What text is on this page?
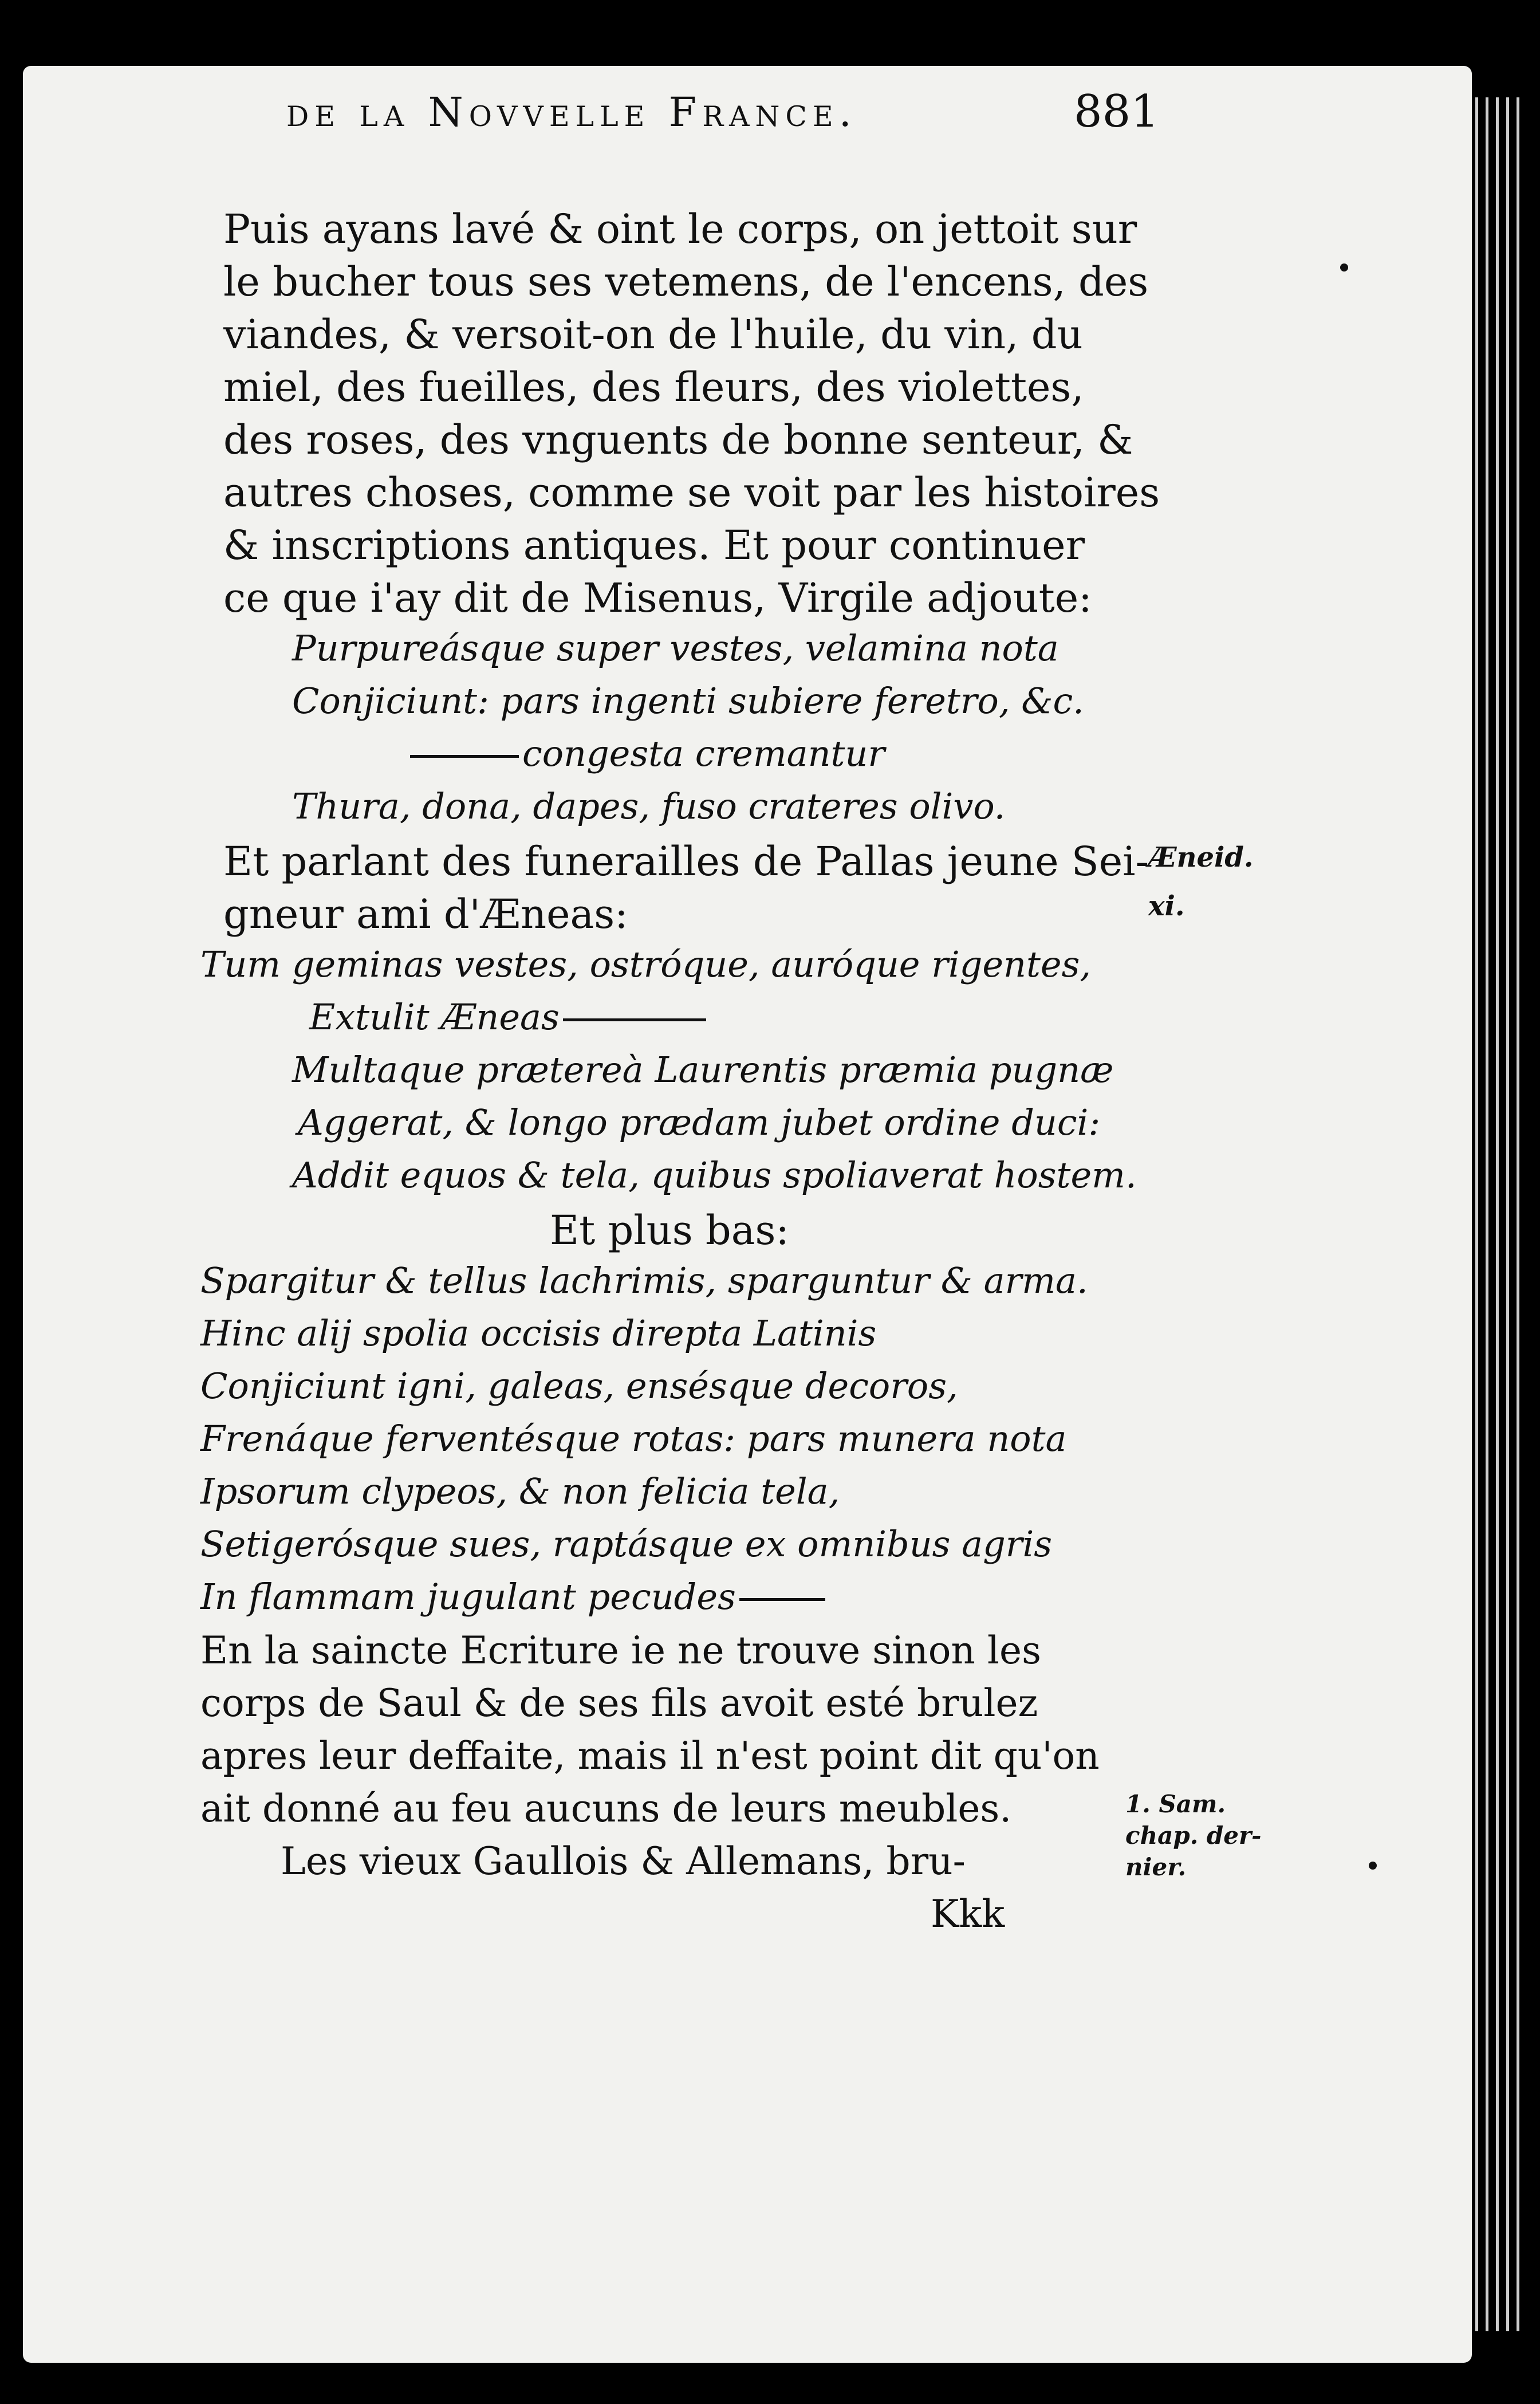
de la Novvelle France.	881
Puis ayans lavé & oint le corps, on jettoit sur
le bucher tous ses vetemens, de l'encens, des
viandes, & versoit-on de l'huile, du vin, du
miel, des fueilles, des fleurs, des violettes,
des roses, des vnguents de bonne senteur, &
autres choses, comme se voit par les histoires
& inscriptions antiques. Et pour continuer
ce que i'ay dit de Misenus, Virgile adjoute:
Purpureásque super vestes, velamina nota
Conjiciunt: pars ingenti subiere feretro, &c.
congesta cremantur
Thura, dona, dapes, fuso crateres olivo.
Et parlant des funerailles de Pallas jeune Sei-
gneur ami d'Æneas:
Tum geminas vestes, ostróque, auróque rigentes,
Extulit Æneas
Multaque prætereà Laurentis præmia pugnæ
Aggerat, & longo prædam jubet ordine duci:
Addit equos & tela, quibus spoliaverat hostem.
Et plus bas:
Spargitur & tellus lachrimis, sparguntur & arma.
Hinc alij spolia occisis direpta Latinis
Conjiciunt igni, galeas, ensésque decoros,
Frenáque ferventésque rotas: pars munera nota
Ipsorum clypeos, & non felicia tela,
Setigerósque sues, raptásque ex omnibus agris
In flammam jugulant pecudes
En la saincte Ecriture ie ne trouve sinon les
Æneid.
xi.
1. Sam.
chap. der-
nier.
corps de Saul & de ses fils avoit esté brulez
apres leur deffaite, mais il n'est point dit qu'on
ait donné au feu aucuns de leurs meubles.
Les vieux Gaullois & Allemans, bru-
Kkk
